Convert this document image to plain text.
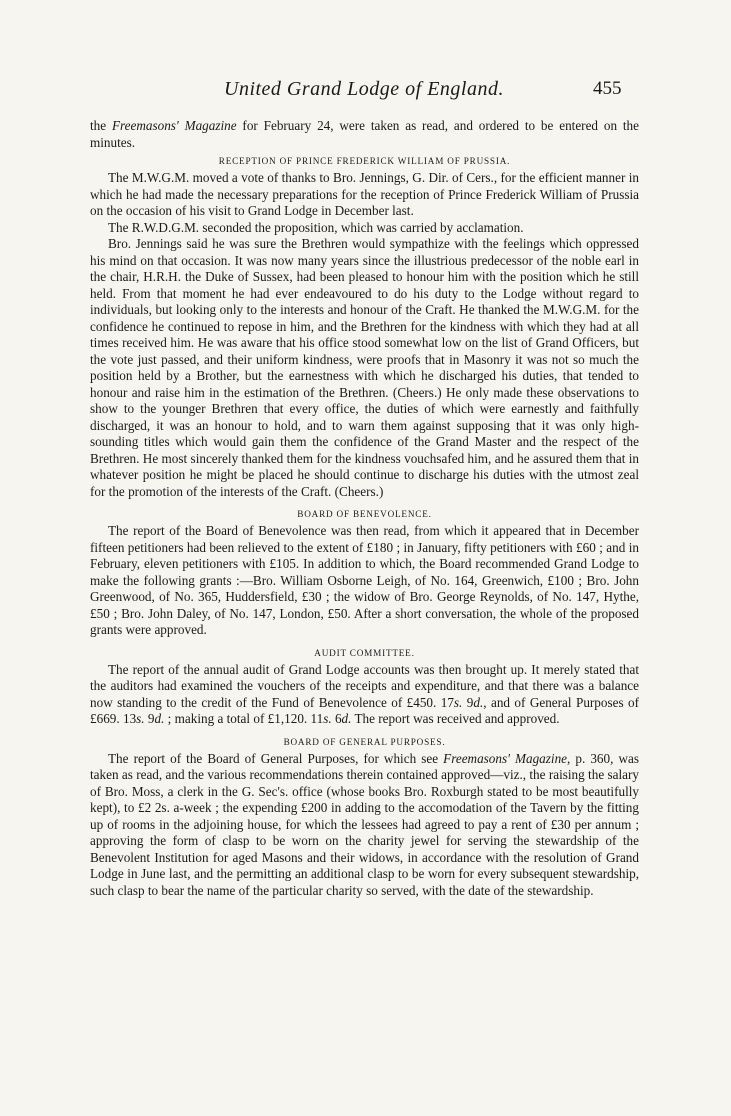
United Grand Lodge of England.	455

the Freemasons' Magazine for February 24, were taken as read, and ordered to be entered on the minutes.

RECEPTION OF PRINCE FREDERICK WILLIAM OF PRUSSIA.

The M.W.G.M. moved a vote of thanks to Bro. Jennings, G. Dir. of Cers., for the efficient manner in which he had made the necessary preparations for the reception of Prince Frederick William of Prussia on the occasion of his visit to Grand Lodge in December last.

The R.W.D.G.M. seconded the proposition, which was carried by acclamation.

Bro. Jennings said he was sure the Brethren would sympathize with the feelings which oppressed his mind on that occasion. It was now many years since the illustrious predecessor of the noble earl in the chair, H.R.H. the Duke of Sussex, had been pleased to honour him with the position which he still held. From that moment he had ever endeavoured to do his duty to the Lodge without regard to individuals, but looking only to the interests and honour of the Craft. He thanked the M.W.G.M. for the confidence he continued to repose in him, and the Brethren for the kindness with which they had at all times received him. He was aware that his office stood somewhat low on the list of Grand Officers, but the vote just passed, and their uniform kindness, were proofs that in Masonry it was not so much the position held by a Brother, but the earnestness with which he discharged his duties, that tended to honour and raise him in the estimation of the Brethren. (Cheers.) He only made these observations to show to the younger Brethren that every office, the duties of which were earnestly and faithfully discharged, it was an honour to hold, and to warn them against supposing that it was only high-sounding titles which would gain them the confidence of the Grand Master and the respect of the Brethren. He most sincerely thanked them for the kindness vouchsafed him, and he assured them that in whatever position he might be placed he should continue to discharge his duties with the utmost zeal for the promotion of the interests of the Craft. (Cheers.)

BOARD OF BENEVOLENCE.

The report of the Board of Benevolence was then read, from which it appeared that in December fifteen petitioners had been relieved to the extent of £180 ; in January, fifty petitioners with £60 ; and in February, eleven petitioners with £105. In addition to which, the Board recommended Grand Lodge to make the following grants :—Bro. William Osborne Leigh, of No. 164, Greenwich, £100 ; Bro. John Greenwood, of No. 365, Huddersfield, £30 ; the widow of Bro. George Reynolds, of No. 147, Hythe, £50 ; Bro. John Daley, of No. 147, London, £50. After a short conversation, the whole of the proposed grants were approved.

AUDIT COMMITTEE.

The report of the annual audit of Grand Lodge accounts was then brought up. It merely stated that the auditors had examined the vouchers of the receipts and expenditure, and that there was a balance now standing to the credit of the Fund of Benevolence of £450. 17s. 9d., and of General Purposes of £669. 13s. 9d. ; making a total of £1,120. 11s. 6d. The report was received and approved.

BOARD OF GENERAL PURPOSES.

The report of the Board of General Purposes, for which see Freemasons' Magazine, p. 360, was taken as read, and the various recommendations therein contained approved—viz., the raising the salary of Bro. Moss, a clerk in the G. Sec's. office (whose books Bro. Roxburgh stated to be most beautifully kept), to £2 2s. a-week ; the expending £200 in adding to the accomodation of the Tavern by the fitting up of rooms in the adjoining house, for which the lessees had agreed to pay a rent of £30 per annum ; approving the form of clasp to be worn on the charity jewel for serving the stewardship of the Benevolent Institution for aged Masons and their widows, in accordance with the resolution of Grand Lodge in June last, and the permitting an additional clasp to be worn for every subsequent stewardship, such clasp to bear the name of the particular charity so served, with the date of the stewardship.
